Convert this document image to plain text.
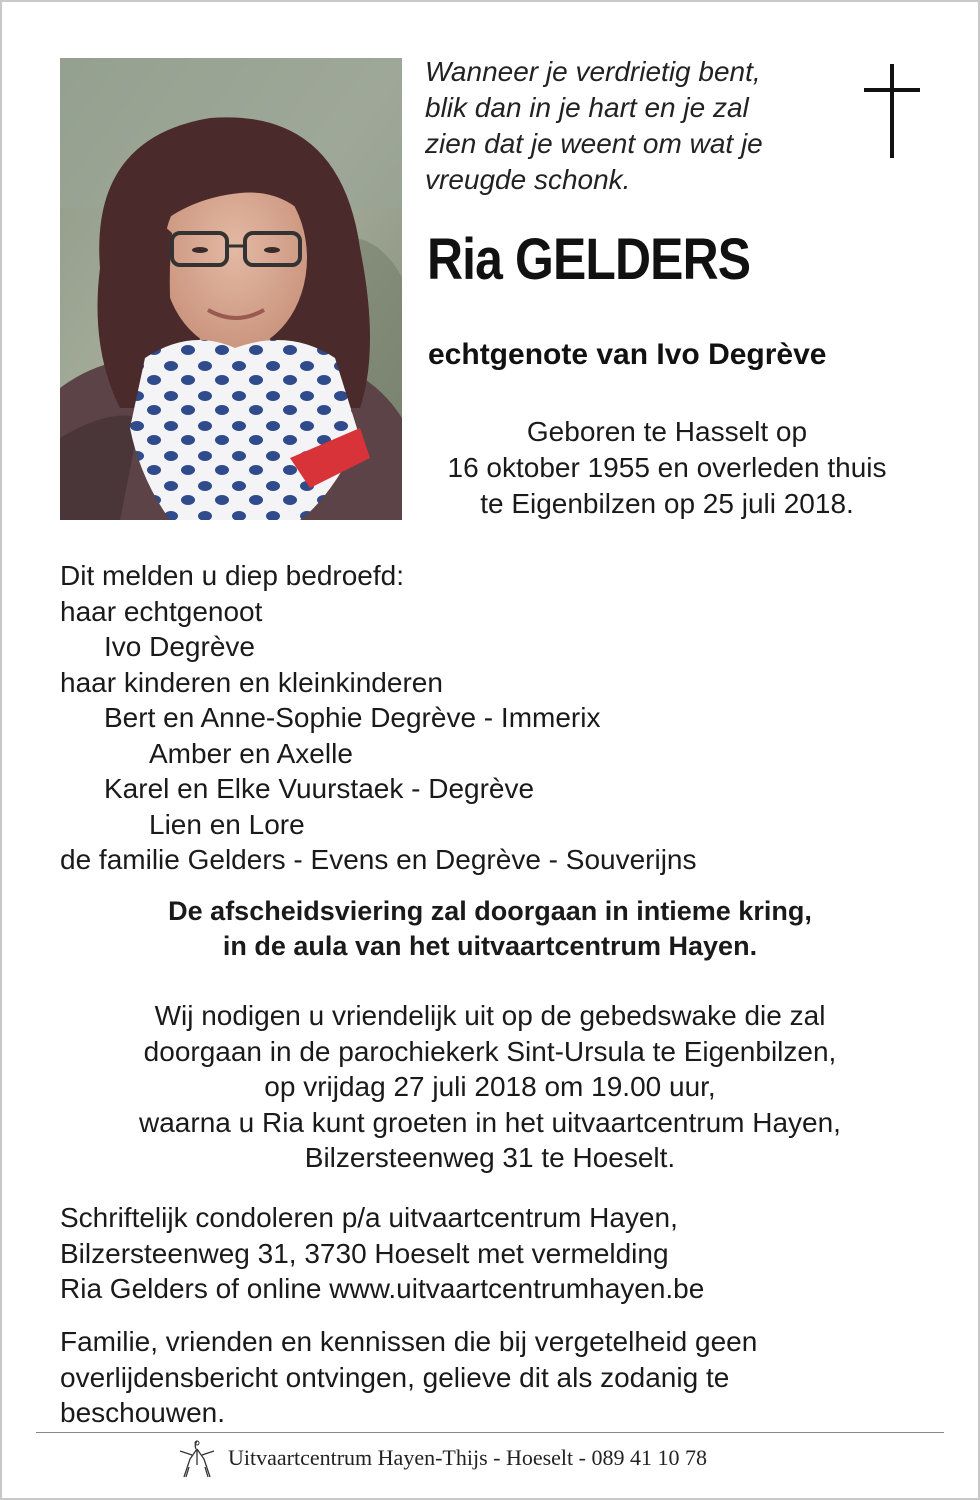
Wanneer je verdrietig bent,
blik dan in je hart en je zal
zien dat je weent om wat je
vreugde schonk.
Ria GELDERS
echtgenote van Ivo Degrève
Geboren te Hasselt op
16 oktober 1955 en overleden thuis
te Eigenbilzen op 25 juli 2018.
Dit melden u diep bedroefd:
haar echtgenoot
Ivo Degrève
haar kinderen en kleinkinderen
Bert en Anne-Sophie Degrève - Immerix
Amber en Axelle
Karel en Elke Vuurstaek - Degrève
Lien en Lore
de familie Gelders - Evens en Degrève - Souverijns
De afscheidsviering zal doorgaan in intieme kring,
in de aula van het uitvaartcentrum Hayen.
Wij nodigen u vriendelijk uit op de gebedswake die zal
doorgaan in de parochiekerk Sint-Ursula te Eigenbilzen,
op vrijdag 27 juli 2018 om 19.00 uur,
waarna u Ria kunt groeten in het uitvaartcentrum Hayen,
Bilzersteenweg 31 te Hoeselt.
Schriftelijk condoleren p/a uitvaartcentrum Hayen,
Bilzersteenweg 31, 3730 Hoeselt met vermelding
Ria Gelders of online www.uitvaartcentrumhayen.be
Familie, vrienden en kennissen die bij vergetelheid geen
overlijdensbericht ontvingen, gelieve dit als zodanig te
beschouwen.
Uitvaartcentrum Hayen-Thijs - Hoeselt - 089 41 10 78
